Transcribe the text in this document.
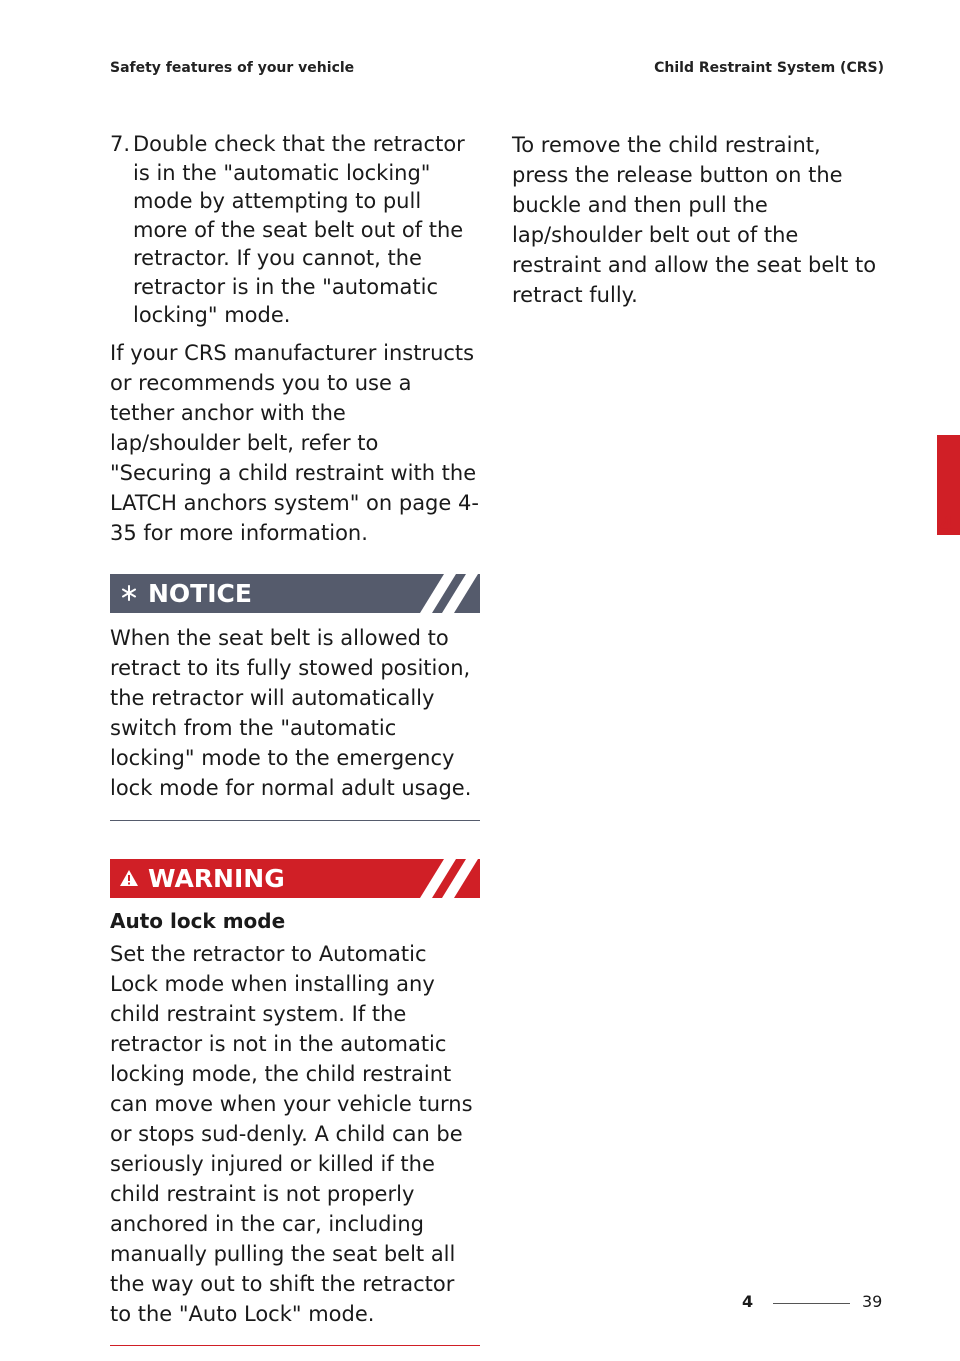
Safety features of your vehicle	Child Restraint System (CRS)
7. Double check that the retractor is in the "automatic locking" mode by attempting to pull more of the seat belt out of the retractor. If you cannot, the retractor is in the "automatic locking" mode.

If your CRS manufacturer instructs or recommends you to use a tether anchor with the lap/shoulder belt, refer to "Securing a child restraint with the LATCH anchors system" on page 4-35 for more information.

NOTICE

When the seat belt is allowed to retract to its fully stowed position, the retractor will automatically switch from the "automatic locking" mode to the emergency lock mode for normal adult usage.

WARNING

Auto lock mode

Set the retractor to Automatic Lock mode when installing any child restraint system. If the retractor is not in the automatic locking mode, the child restraint can move when your vehicle turns or stops sud-denly. A child can be seriously injured or killed if the child restraint is not properly anchored in the car, including manually pulling the seat belt all the way out to shift the retractor to the "Auto Lock" mode.

To remove the child restraint, press the release button on the buckle and then pull the lap/shoulder belt out of the restraint and allow the seat belt to retract fully.

4
4	39
